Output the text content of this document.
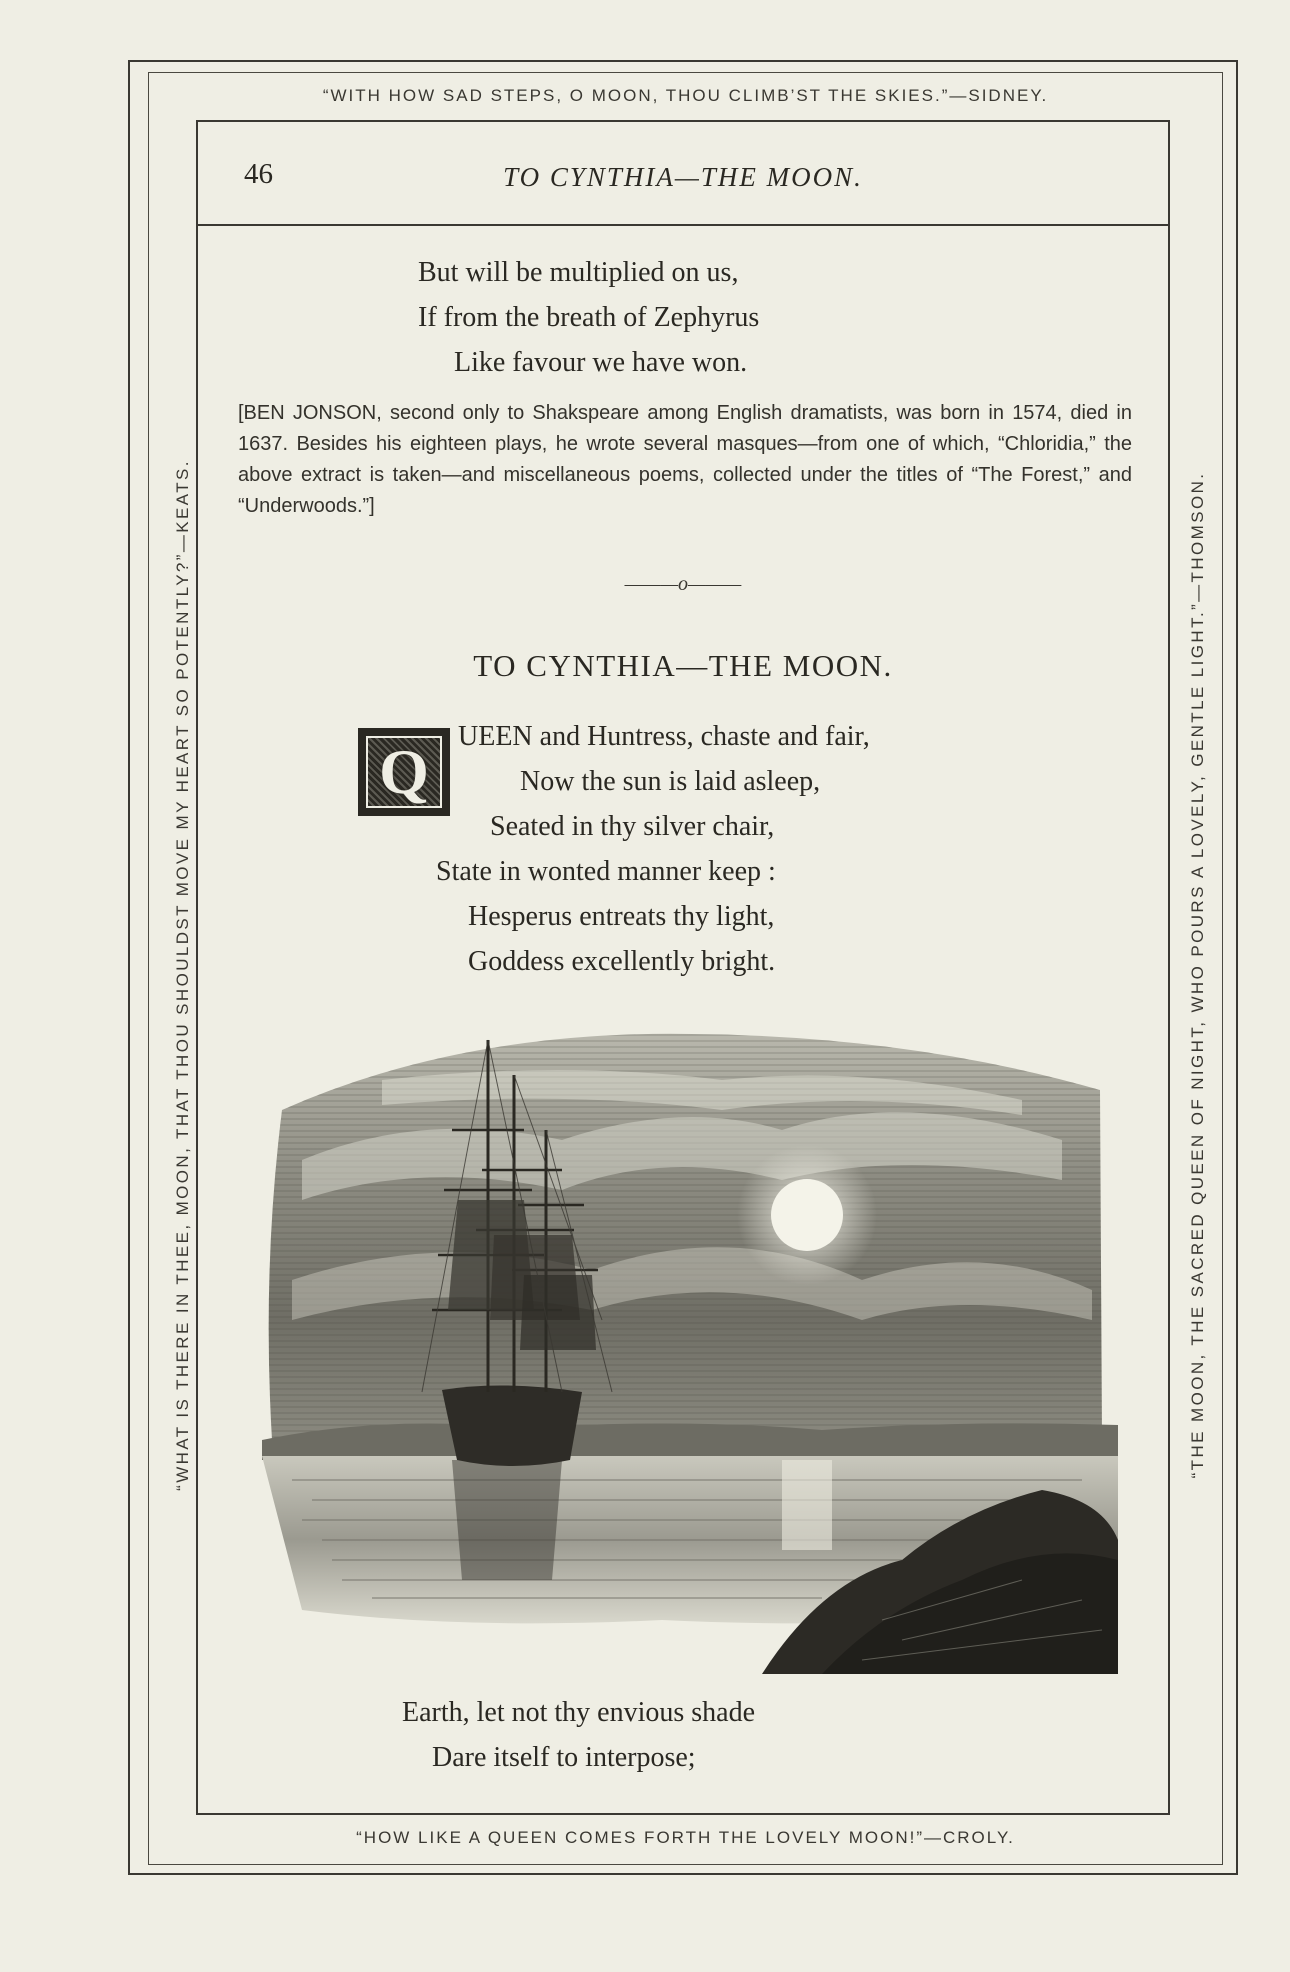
“WITH HOW SAD STEPS, O MOON, THOU CLIMB’ST THE SKIES.”—SIDNEY.
“WHAT IS THERE IN THEE, MOON, THAT THOU SHOULDST MOVE MY HEART SO POTENTLY?”—KEATS.	“THE MOON, THE SACRED QUEEN OF NIGHT, WHO POURS A LOVELY, GENTLE LIGHT.”—THOMSON.
“HOW LIKE A QUEEN COMES FORTH THE LOVELY MOON!”—CROLY.
46	TO CYNTHIA—THE MOON.
But will be multiplied on us,
If from the breath of Zephyrus
Like favour we have won.
[BEN JONSON, second only to Shakspeare among English dramatists, was born in 1574, died in 1637. Besides his eighteen plays, he wrote several masques—from one of which, “Chloridia,” the above extract is taken—and miscellaneous poems, collected under the titles of “The Forest,” and “Underwoods.”]
———o———
TO CYNTHIA—THE MOON.
Q	UEEN and Huntress, chaste and fair,
Now the sun is laid asleep,
Seated in thy silver chair,
State in wonted manner keep :
Hesperus entreats thy light,
Goddess excellently bright.
Earth, let not thy envious shade
Dare itself to interpose;
